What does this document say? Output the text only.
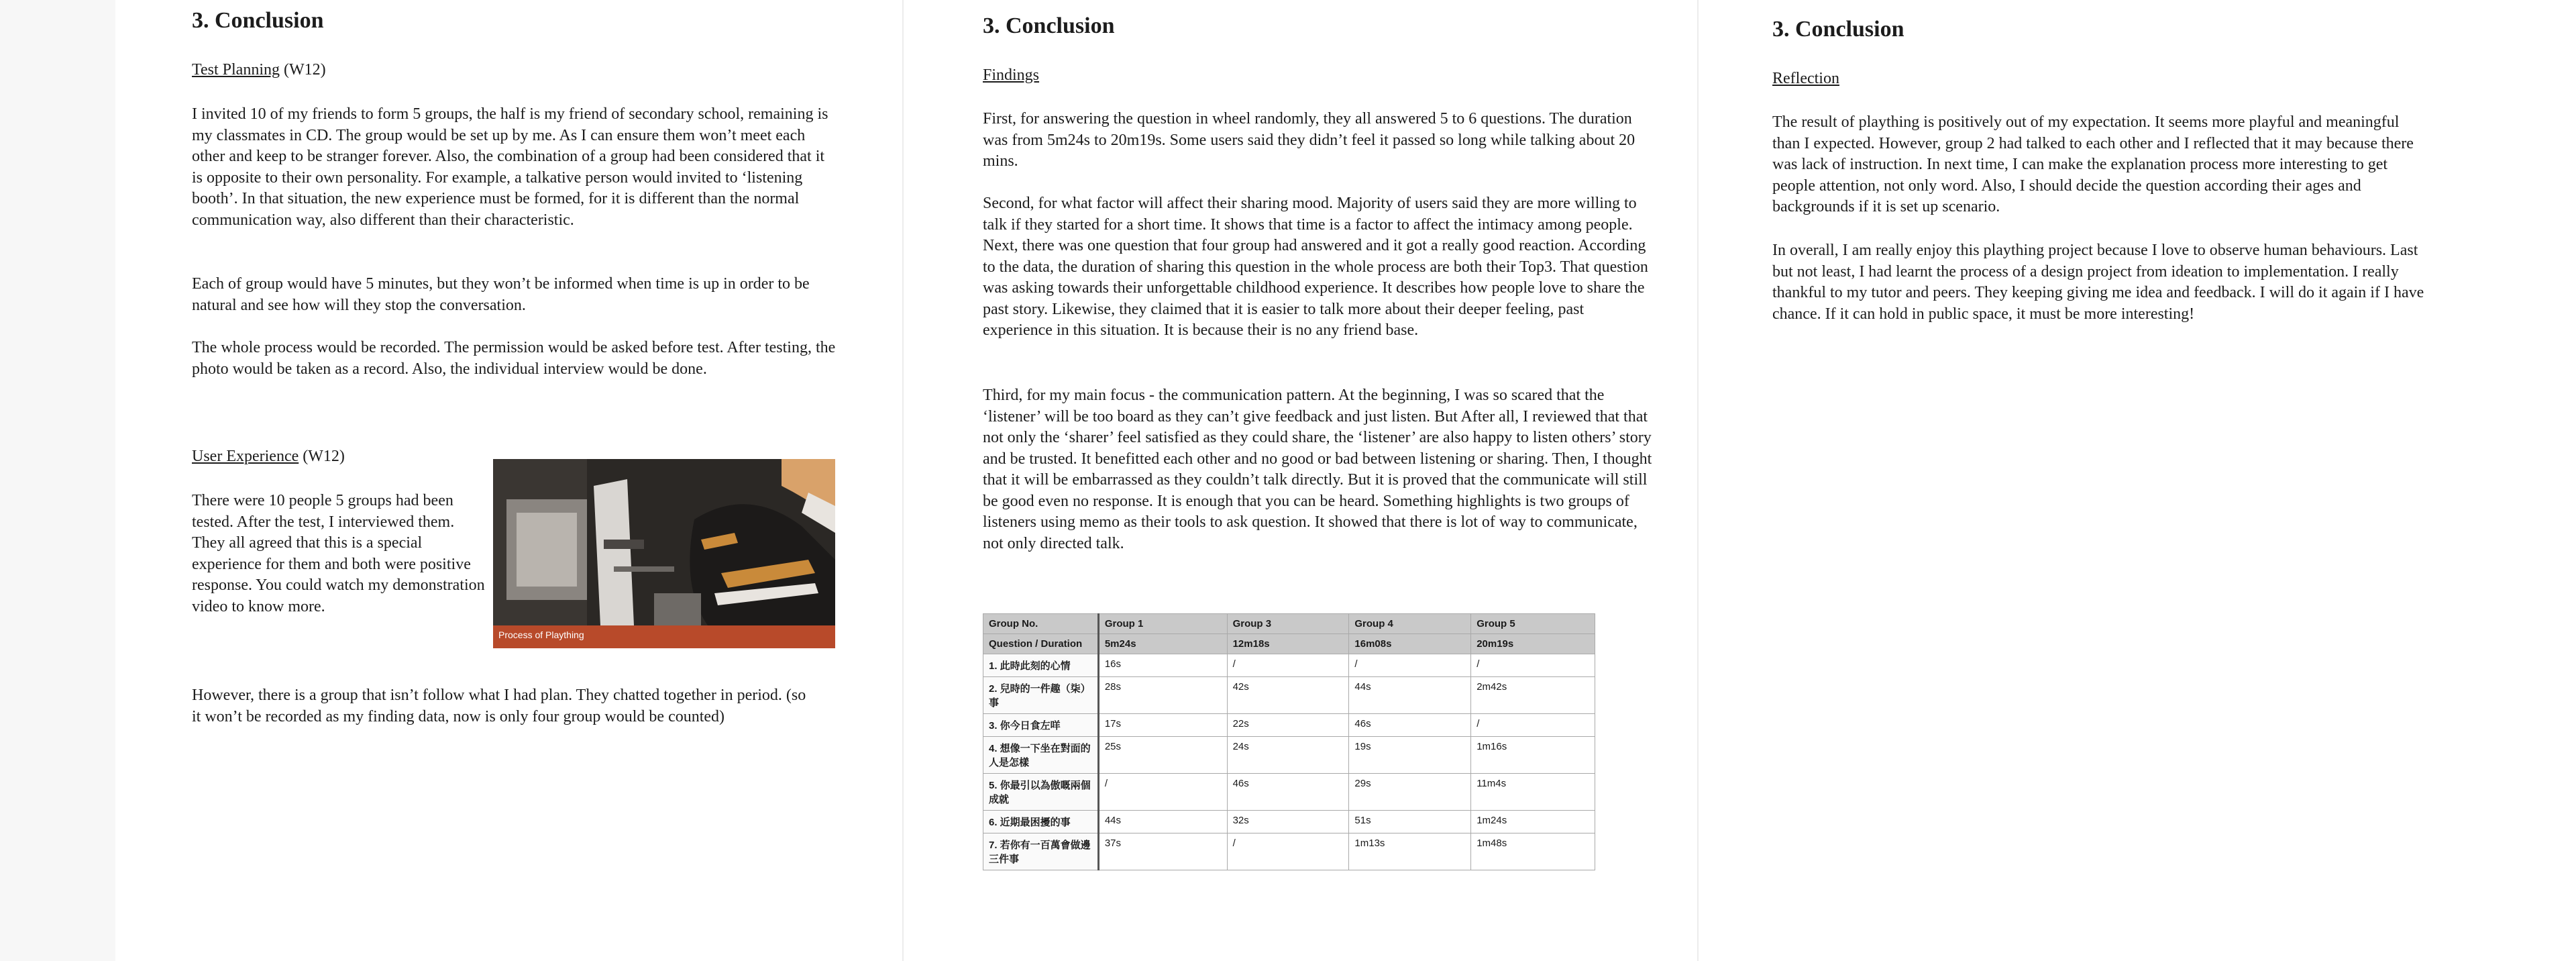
3. Conclusion
Test Planning (W12)

I invited 10 of my friends to form 5 groups, the half is my friend of secondary school, remaining is my classmates in CD. The group would be set up by me. As I can ensure them won’t meet each other and keep to be stranger forever. Also, the combination of a group had been considered that it is opposite to their own personality. For example, a talkative person would invited to ‘listening booth’. In that situation, the new experience must be formed, for it is different than the normal communication way, also different than their characteristic.

Each of group would have 5 minutes, but they won’t be informed when time is up in order to be natural and see how will they stop the conversation.

The whole process would be recorded. The permission would be asked before test. After testing, the photo would be taken as a record. Also, the individual interview would be done.

User Experience (W12)

There were 10 people 5 groups had been tested. After the test, I interviewed them. They all agreed that this is a special experience for them and both were positive response. You could watch my demonstration video to know more.

Process of Plaything

However, there is a group that isn’t follow what I had plan. They chatted together in period. (so it won’t be recorded as my finding data, now is only four group would be counted)

3. Conclusion
Findings

First, for answering the question in wheel randomly, they all answered 5 to 6 questions. The duration was from 5m24s to 20m19s. Some users said they didn’t feel it passed so long while talking about 20 mins.

Second, for what factor will affect their sharing mood. Majority of users said they are more willing to talk if they started for a short time. It shows that time is a factor to affect the intimacy among people. Next, there was one question that four group had answered and it got a really good reaction. According to the data, the duration of sharing this question in the whole process are both their Top3. That question was asking towards their unforgettable childhood experience. It describes how people love to share the past story. Likewise, they claimed that it is easier to talk more about their deeper feeling, past experience in this situation. It is because their is no any friend base.

Third, for my main focus - the communication pattern. At the beginning, I was so scared that the ‘listener’ will be too board as they can’t give feedback and just listen. But After all, I reviewed that that not only the ‘sharer’ feel satisfied as they could share, the ‘listener’ are also happy to listen others’ story and be trusted. It benefitted each other and no good or bad between listening or sharing. Then, I thought that it will be embarrassed as they couldn’t talk directly. But it is proved that the communicate will still be good even no response. It is enough that you can be heard. Something highlights is two groups of listeners using memo as their tools to ask question. It showed that there is lot of way to communicate, not only directed talk.

Group No.	Group 1	Group 3	Group 4	Group 5
Question / Duration	5m24s	12m18s	16m08s	20m19s
1. 此時此刻的心情	16s	/	/	/
2. 兒時的一件趣（柒）事	28s	42s	44s	2m42s
3. 你今日食左咩	17s	22s	46s	/
4. 想像一下坐在對面的人是怎樣	25s	24s	19s	1m16s
5. 你最引以為傲嘅兩個成就	/	46s	29s	11m4s
6. 近期最困擾的事	44s	32s	51s	1m24s
7. 若你有一百萬會做邊三件事	37s	/	1m13s	1m48s
3. Conclusion
Reflection

The result of plaything is positively out of my expectation. It seems more playful and meaningful than I expected. However, group 2 had talked to each other and I reflected that it may because there was lack of instruction. In next time, I can make the explanation process more interesting to get people attention, not only word. Also, I should decide the question according their ages and backgrounds if it is set up scenario.

In overall, I am really enjoy this plaything project because I love to observe human behaviours. Last but not least, I had learnt the process of a design project from ideation to implementation. I really thankful to my tutor and peers. They keeping giving me idea and feedback. I will do it again if I have chance. If it can hold in public space, it must be more interesting!
